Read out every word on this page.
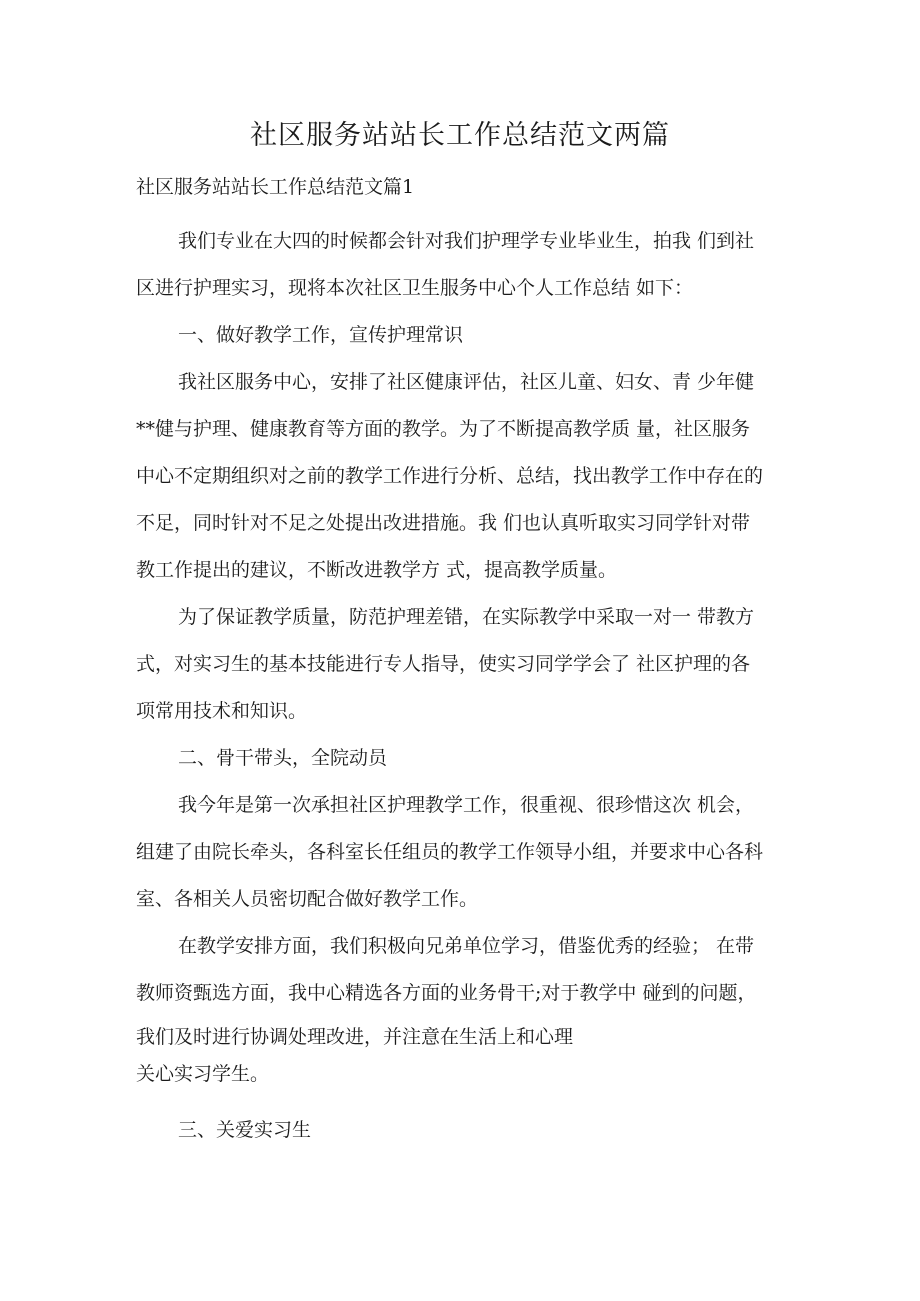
社区服务站站长工作总结范文两篇

社区服务站站长工作总结范文篇1

我们专业在大四的时候都会针对我们护理学专业毕业生，拍我 们到社
区进行护理实习，现将本次社区卫生服务中心个人工作总结 如下：

一、做好教学工作，宣传护理常识

我社区服务中心，安排了社区健康评估，社区儿童、妇女、青 少年健
**健与护理、健康教育等方面的教学。为了不断提高教学质 量，社区服务
中心不定期组织对之前的教学工作进行分析、总结，找出教学工作中存在的
不足，同时针对不足之处提出改进措施。我 们也认真听取实习同学针对带
教工作提出的建议，不断改进教学方 式，提高教学质量。
为了保证教学质量，防范护理差错，在实际教学中采取一对一 带教方
式，对实习生的基本技能进行专人指导，使实习同学学会了 社区护理的各
项常用技术和知识。

二、骨干带头，全院动员

我今年是第一次承担社区护理教学工作，很重视、很珍惜这次 机会，
组建了由院长牵头，各科室长任组员的教学工作领导小组，并要求中心各科
室、各相关人员密切配合做好教学工作。
在教学安排方面，我们积极向兄弟单位学习，借鉴优秀的经验； 在带
教师资甄选方面，我中心精选各方面的业务骨干;对于教学中 碰到的问题，
我们及时进行协调处理改进，并注意在生活上和心理
关心实习学生。

三、关爱实习生
